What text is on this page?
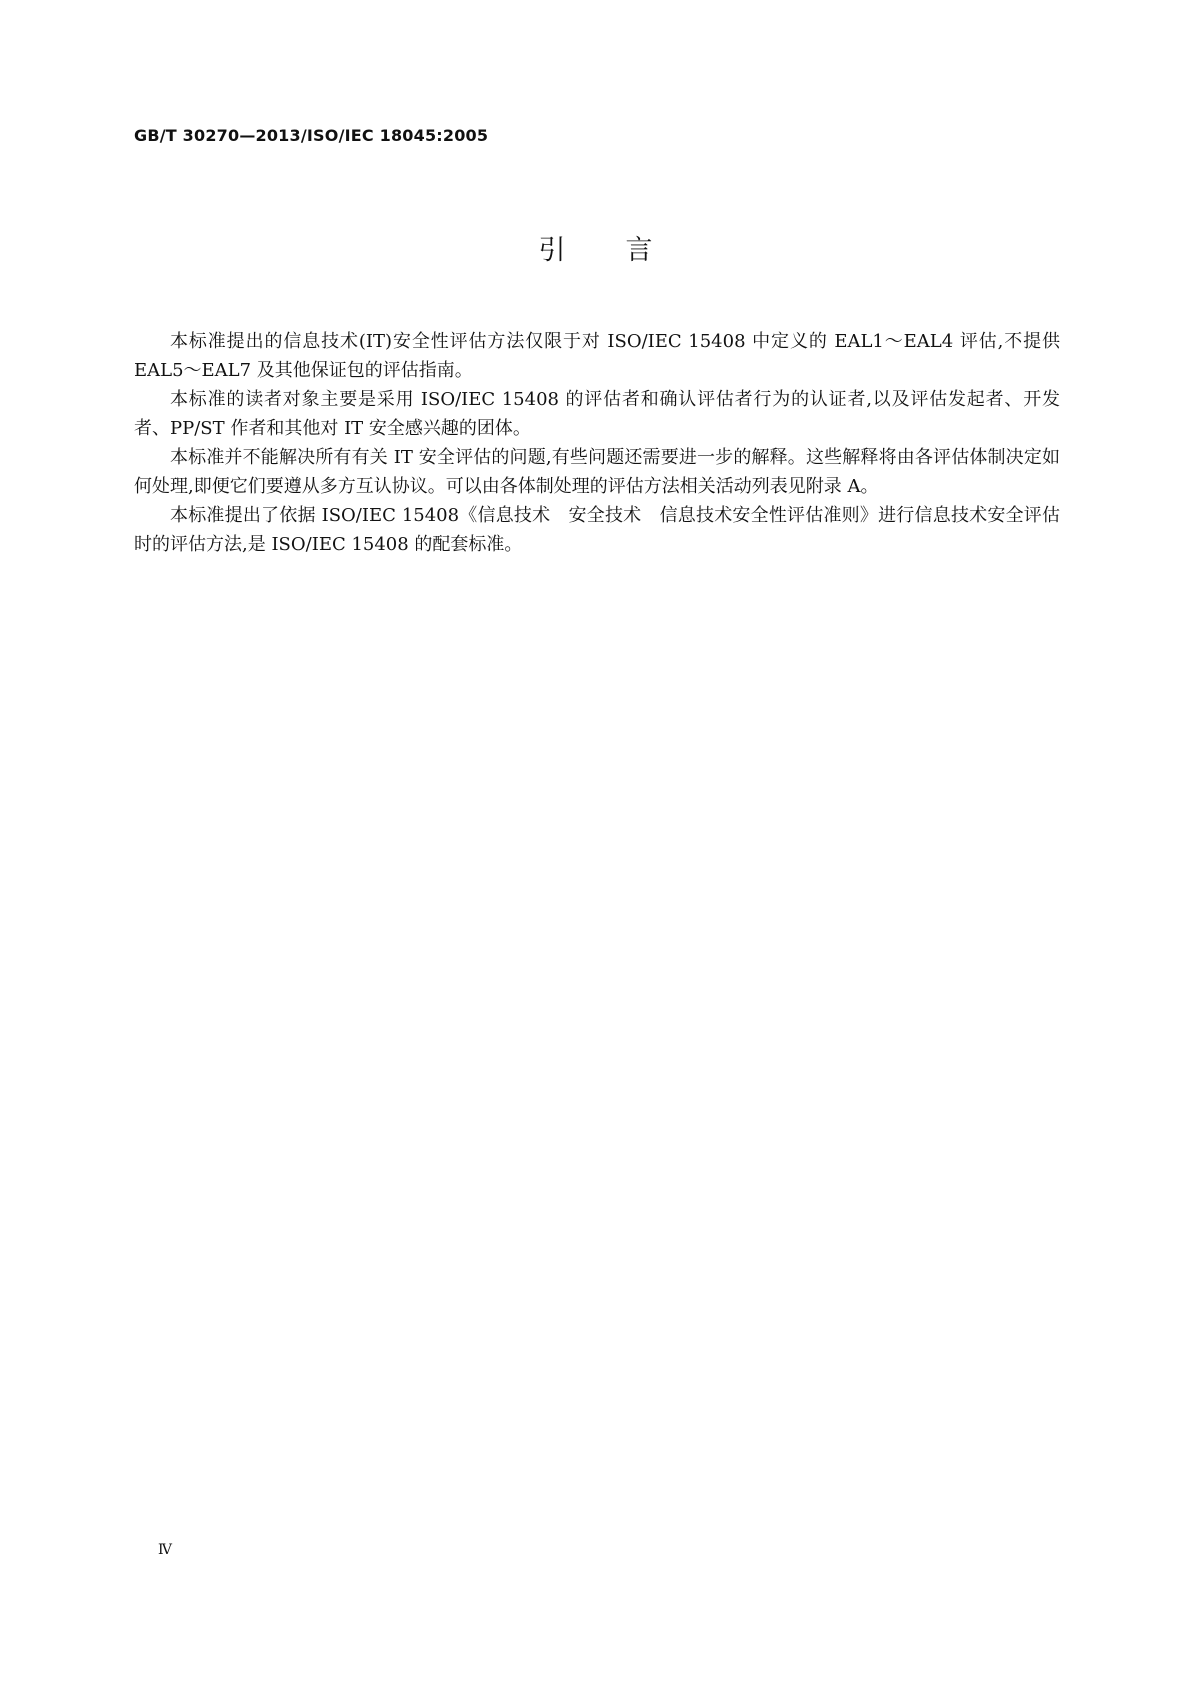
GB/T 30270—2013/ISO/IEC 18045:2005
引言

本标准提出的信息技术(IT)安全性评估方法仅限于对 ISO/IEC 15408 中定义的 EAL1～EAL4 评估,不提供 EAL5～EAL7 及其他保证包的评估指南。

本标准的读者对象主要是采用 ISO/IEC 15408 的评估者和确认评估者行为的认证者,以及评估发起者、开发者、PP/ST 作者和其他对 IT 安全感兴趣的团体。

本标准并不能解决所有有关 IT 安全评估的问题,有些问题还需要进一步的解释。这些解释将由各评估体制决定如何处理,即便它们要遵从多方互认协议。可以由各体制处理的评估方法相关活动列表见附录 A。

本标准提出了依据 ISO/IEC 15408《信息技术　安全技术　信息技术安全性评估准则》进行信息技术安全评估时的评估方法,是 ISO/IEC 15408 的配套标准。

Ⅳ
